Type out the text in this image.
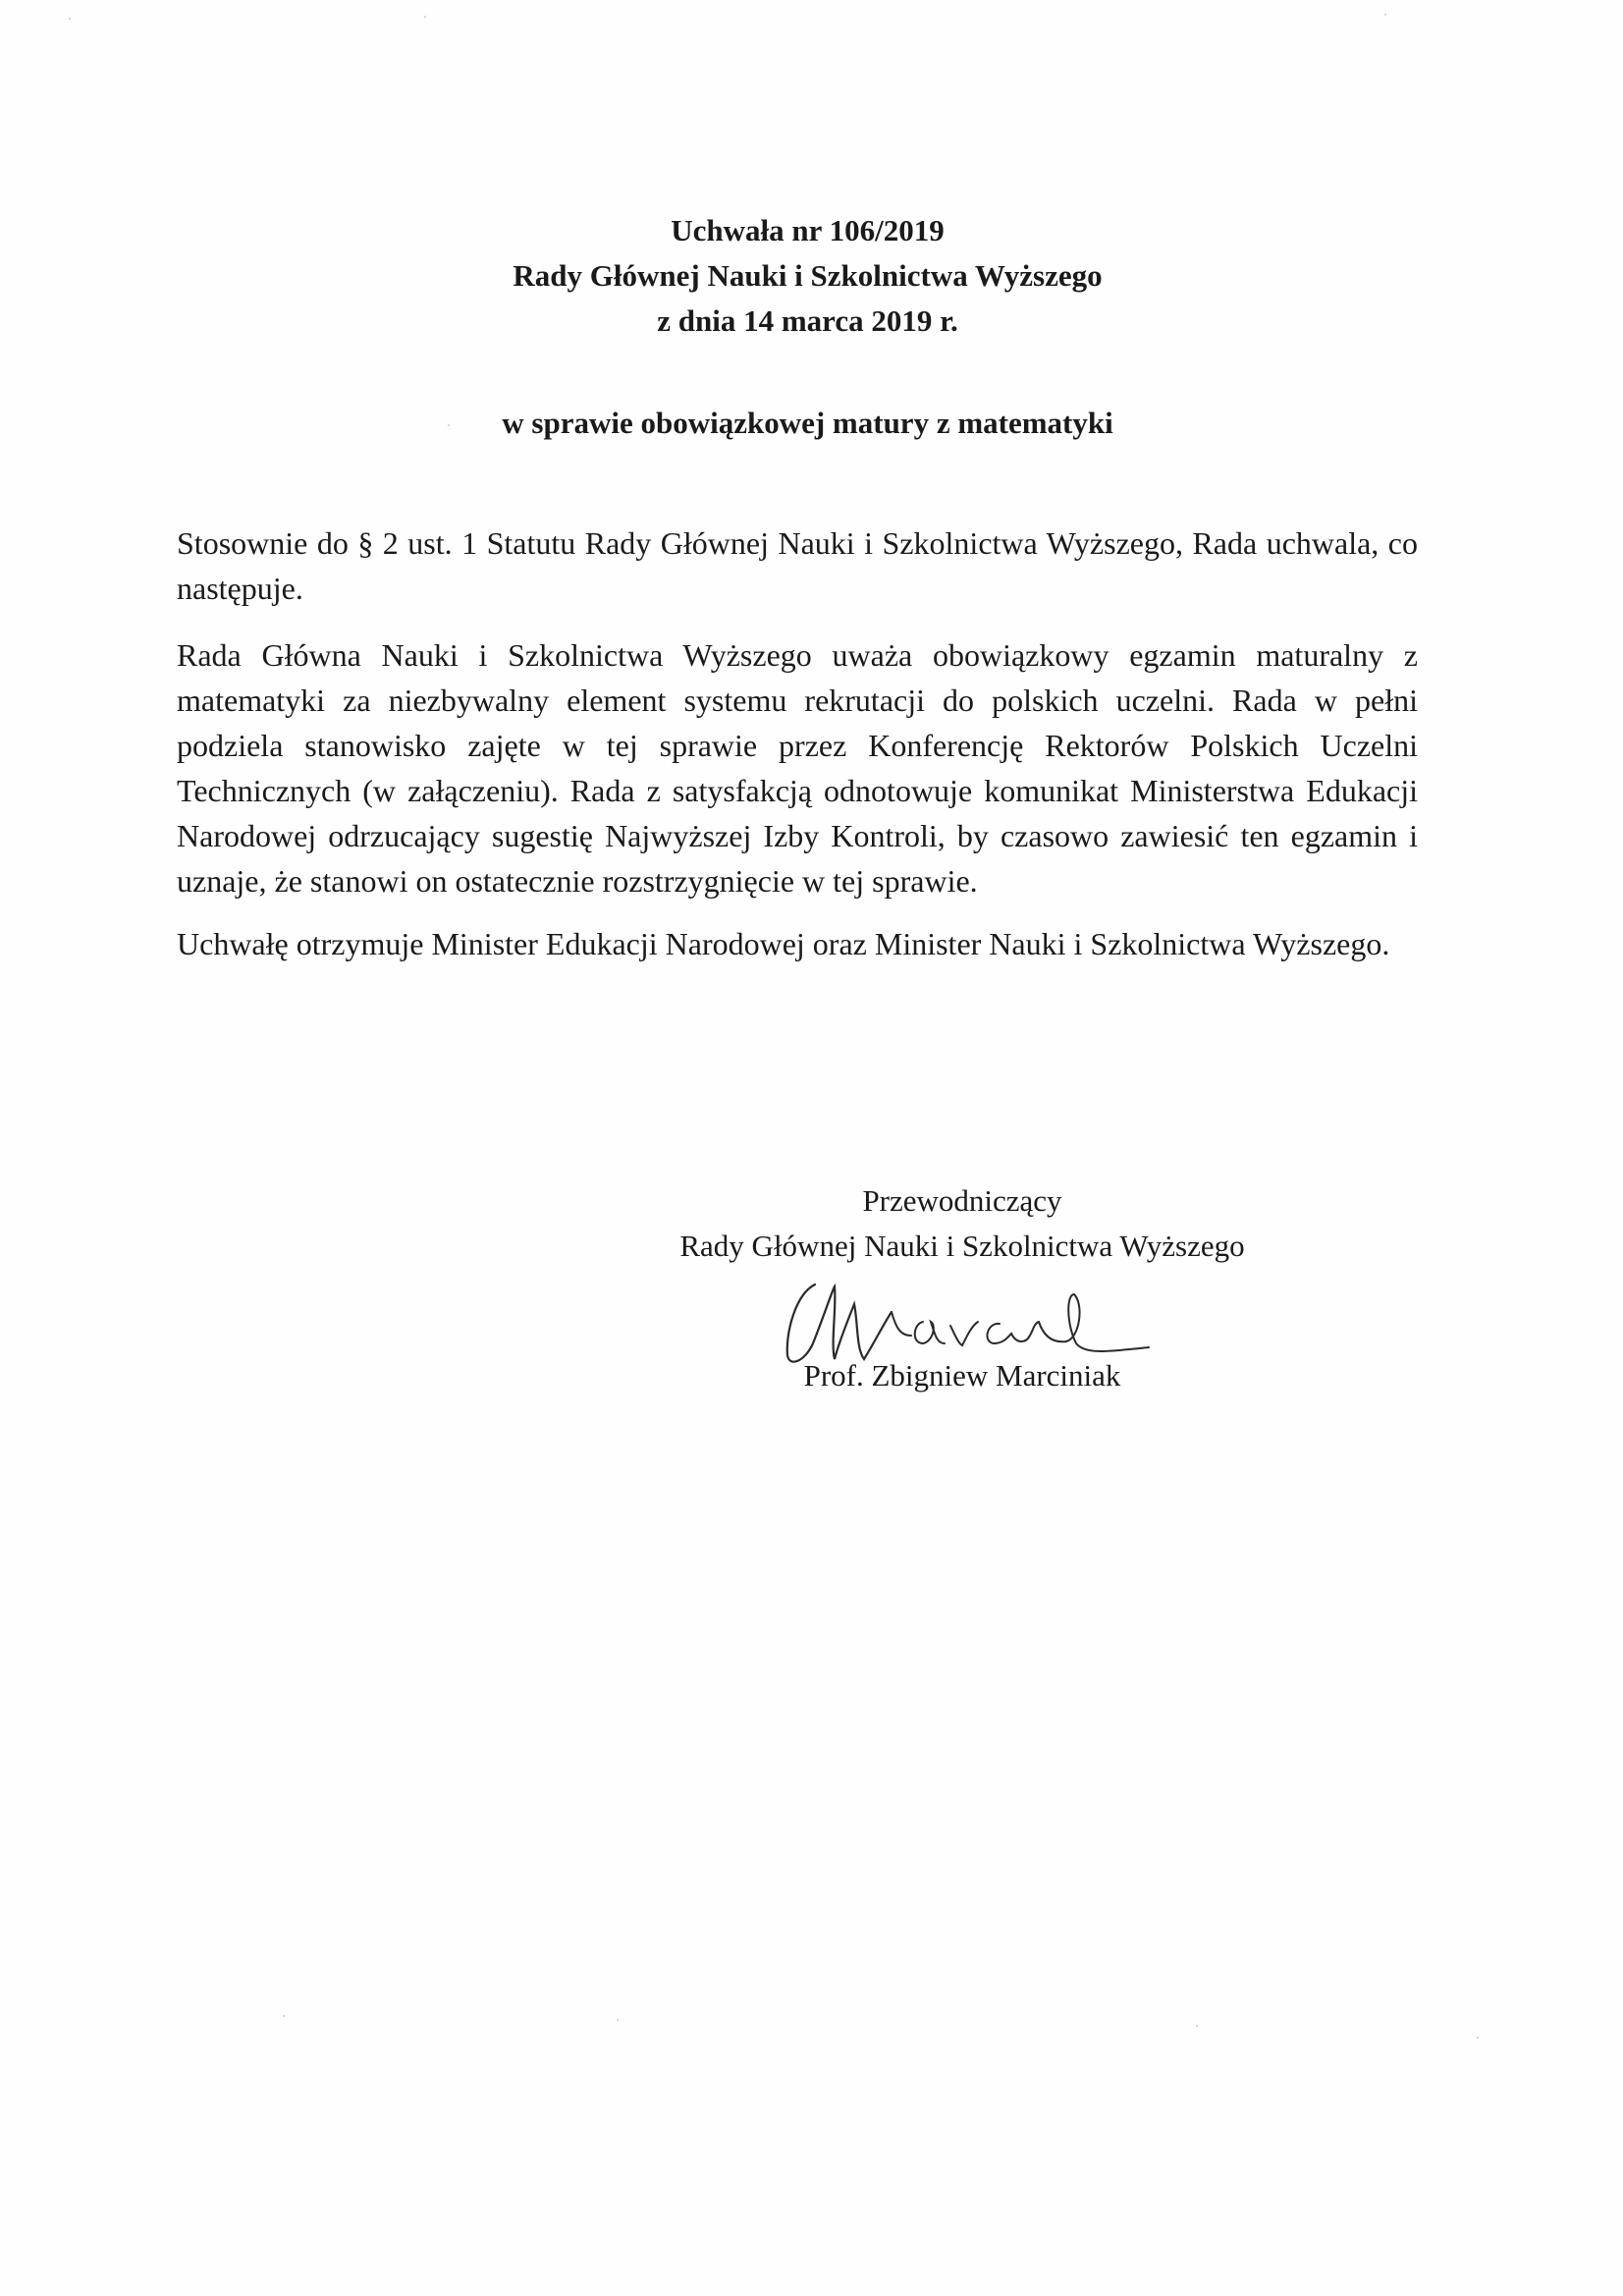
Uchwała nr 106/2019
Rady Głównej Nauki i Szkolnictwa Wyższego
z dnia 14 marca 2019 r.
w sprawie obowiązkowej matury z matematyki

Stosownie do § 2 ust. 1 Statutu Rady Głównej Nauki i Szkolnictwa Wyższego, Rada uchwala, co następuje.

Rada Główna Nauki i Szkolnictwa Wyższego uważa obowiązkowy egzamin maturalny z matematyki za niezbywalny element systemu rekrutacji do polskich uczelni. Rada w pełni podziela stanowisko zajęte w tej sprawie przez Konferencję Rektorów Polskich Uczelni Technicznych (w załączeniu). Rada z satysfakcją odnotowuje komunikat Ministerstwa Edukacji Narodowej odrzucający sugestię Najwyższej Izby Kontroli, by czasowo zawiesić ten egzamin i uznaje, że stanowi on ostatecznie rozstrzygnięcie w tej sprawie.

Uchwałę otrzymuje Minister Edukacji Narodowej oraz Minister Nauki i Szkolnictwa Wyższego.

Przewodniczący
Rady Głównej Nauki i Szkolnictwa Wyższego
Prof. Zbigniew Marciniak
